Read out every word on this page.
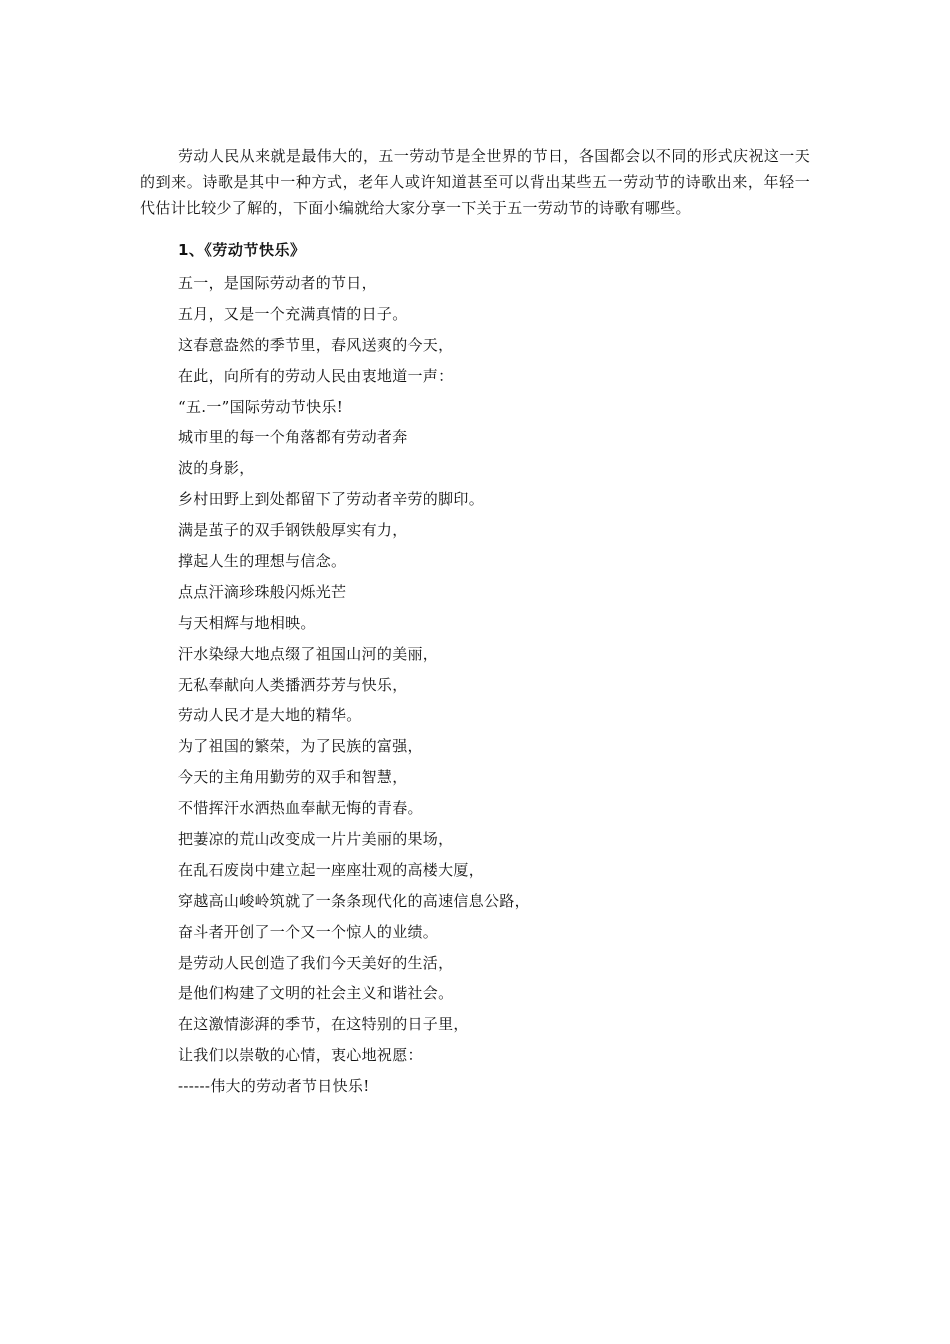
劳动人民从来就是最伟大的，五一劳动节是全世界的节日，各国都会以不同的形式庆祝这一天的到来。诗歌是其中一种方式，老年人或许知道甚至可以背出某些五一劳动节的诗歌出来，年轻一代估计比较少了解的，下面小编就给大家分享一下关于五一劳动节的诗歌有哪些。

1、《劳动节快乐》
五一，是国际劳动者的节日，
五月，又是一个充满真情的日子。
这春意盎然的季节里，春风送爽的今天，
在此，向所有的劳动人民由衷地道一声：
“五.一”国际劳动节快乐!
城市里的每一个角落都有劳动者奔
波的身影，
乡村田野上到处都留下了劳动者辛劳的脚印。
满是茧子的双手钢铁般厚实有力，
撑起人生的理想与信念。
点点汗滴珍珠般闪烁光芒
与天相辉与地相映。
汗水染绿大地点缀了祖国山河的美丽，
无私奉献向人类播洒芬芳与快乐，
劳动人民才是大地的精华。
为了祖国的繁荣，为了民族的富强，
今天的主角用勤劳的双手和智慧，
不惜挥汗水洒热血奉献无悔的青春。
把萋凉的荒山改变成一片片美丽的果场，
在乱石废岗中建立起一座座壮观的高楼大厦，
穿越高山峻岭筑就了一条条现代化的高速信息公路，
奋斗者开创了一个又一个惊人的业绩。
是劳动人民创造了我们今天美好的生活，
是他们构建了文明的社会主义和谐社会。
在这激情澎湃的季节，在这特别的日子里，
让我们以崇敬的心情，衷心地祝愿：
------伟大的劳动者节日快乐!
